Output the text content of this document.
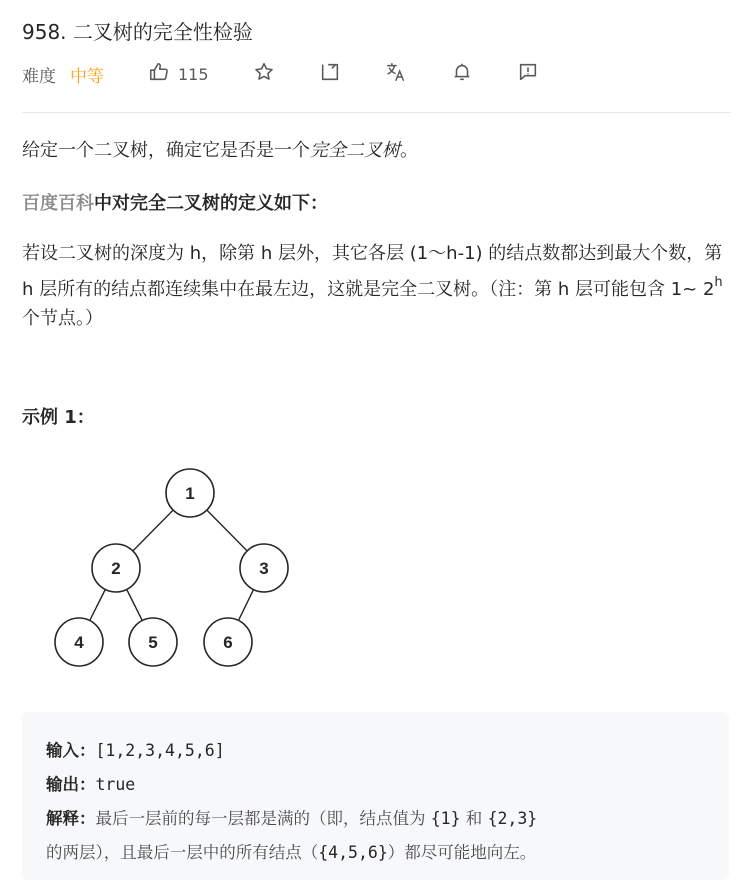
958. 二叉树的完全性检验
难度 中等	115
给定一个二叉树，确定它是否是一个完全二叉树。
百度百科中对完全二叉树的定义如下：
若设二叉树的深度为 h，除第 h 层外，其它各层 (1～h-1) 的结点数都达到最大个数，第 h 层所有的结点都连续集中在最左边，这就是完全二叉树。（注：第 h 层可能包含 1~ 2$^h$ 个节点。）
示例 1：
1
2	3
4	5	6
输入：[1,2,3,4,5,6]
输出：true
解释：最后一层前的每一层都是满的（即，结点值为 {1} 和 {2,3}
的两层），且最后一层中的所有结点（{4,5,6}）都尽可能地向左。
